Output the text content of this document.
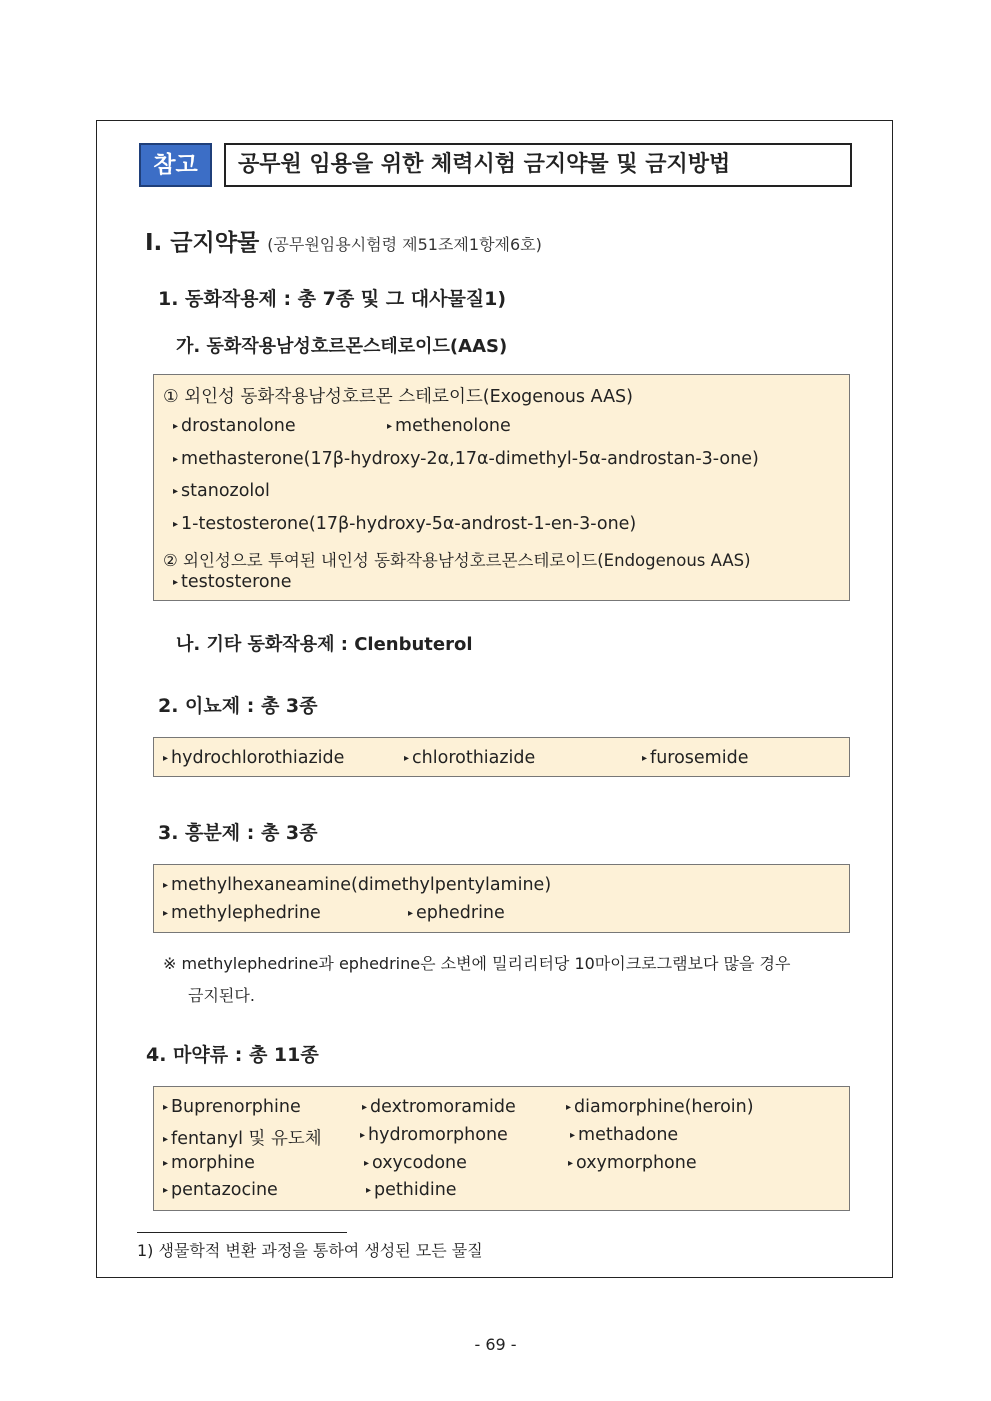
참고	공무원 임용을 위한 체력시험 금지약물 및 금지방법
Ⅰ. 금지약물 (공무원임용시험령 제51조제1항제6호)
1. 동화작용제 : 총 7종 및 그 대사물질1)
가. 동화작용남성호르몬스테로이드(AAS)
① 외인성 동화작용남성호르몬 스테로이드(Exogenous AAS)
▸ drostanolone	▸ methenolone
▸ methasterone(17β-hydroxy-2α,17α-dimethyl-5α-androstan-3-one)
▸ stanozolol
▸ 1-testosterone(17β-hydroxy-5α-androst-1-en-3-one)
② 외인성으로 투여된 내인성 동화작용남성호르몬스테로이드(Endogenous AAS)
▸ testosterone
나. 기타 동화작용제 : Clenbuterol
2. 이뇨제 : 총 3종
▸ hydrochlorothiazide	▸ chlorothiazide	▸ furosemide
3. 흥분제 : 총 3종
▸ methylhexaneamine(dimethylpentylamine)
▸ methylephedrine	▸ ephedrine
※ methylephedrine과 ephedrine은 소변에 밀리리터당 10마이크로그램보다 많을 경우
금지된다.
4. 마약류 : 총 11종
▸ Buprenorphine	▸ dextromoramide	▸ diamorphine(heroin)
▸ fentanyl 및 유도체	▸ hydromorphone	▸ methadone
▸ morphine	▸ oxycodone	▸ oxymorphone
▸ pentazocine	▸ pethidine
1) 생물학적 변환 과정을 통하여 생성된 모든 물질
- 69 -
